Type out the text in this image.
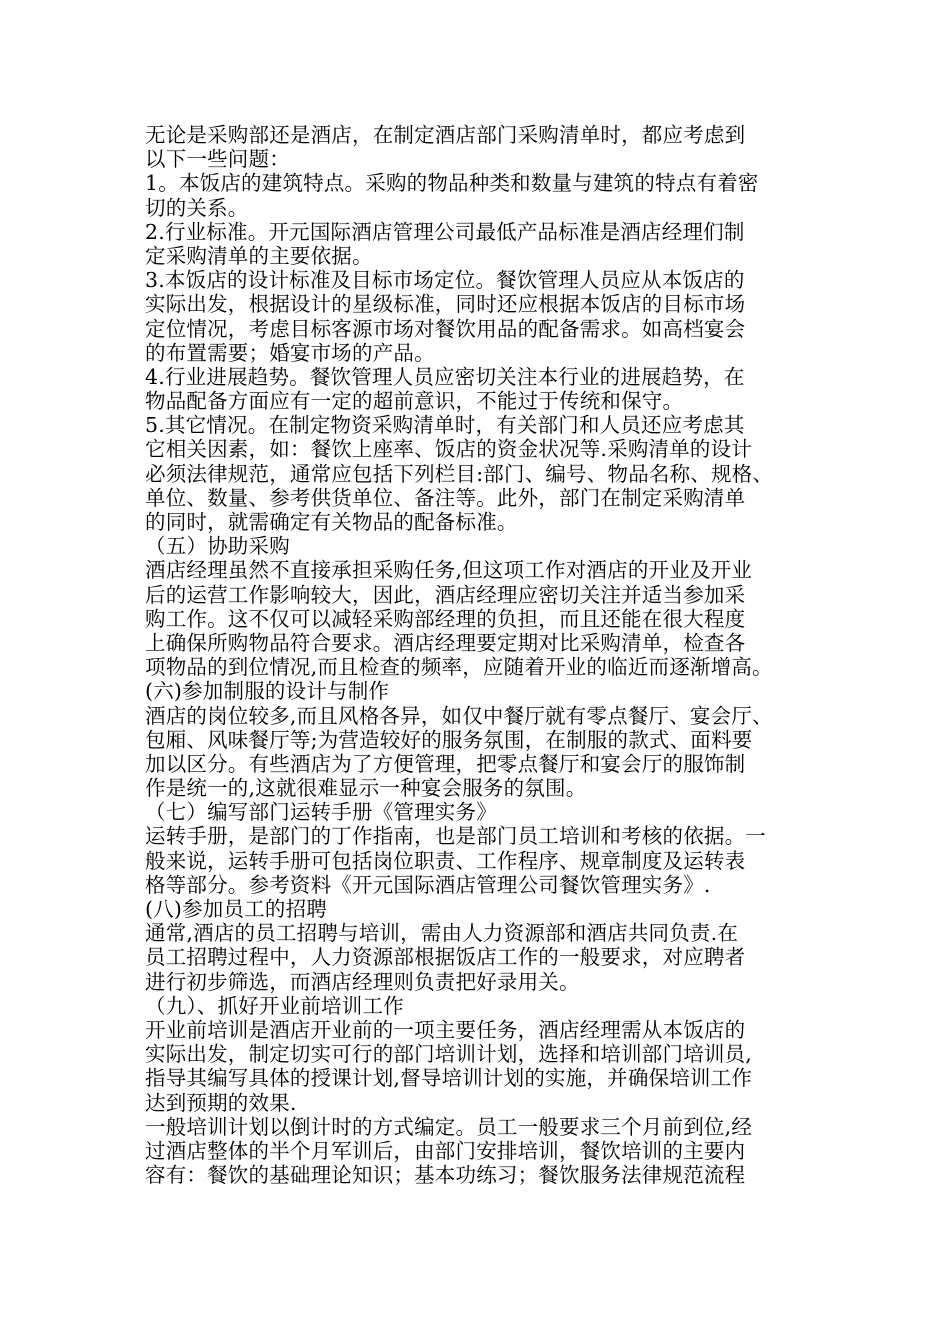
无论是采购部还是酒店，在制定酒店部门采购清单时，都应考虑到
以下一些问题：
1。本饭店的建筑特点。采购的物品种类和数量与建筑的特点有着密
切的关系。
2.行业标准。开元国际酒店管理公司最低产品标准是酒店经理们制
定采购清单的主要依据。
3.本饭店的设计标准及目标市场定位。餐饮管理人员应从本饭店的
实际出发，根据设计的星级标准，同时还应根据本饭店的目标市场
定位情况，考虑目标客源市场对餐饮用品的配备需求。如高档宴会
的布置需要；婚宴市场的产品。
4.行业进展趋势。餐饮管理人员应密切关注本行业的进展趋势，在
物品配备方面应有一定的超前意识，不能过于传统和保守。
5.其它情况。在制定物资采购清单时，有关部门和人员还应考虑其
它相关因素，如：餐饮上座率、饭店的资金状况等.采购清单的设计
必须法律规范，通常应包括下列栏目:部门、编号、物品名称、规格、
单位、数量、参考供货单位、备注等。此外，部门在制定采购清单
的同时，就需确定有关物品的配备标准。
（五）协助采购
酒店经理虽然不直接承担采购任务,但这项工作对酒店的开业及开业
后的运营工作影响较大，因此，酒店经理应密切关注并适当参加采
购工作。这不仅可以减轻采购部经理的负担，而且还能在很大程度
上确保所购物品符合要求。酒店经理要定期对比采购清单，检查各
项物品的到位情况,而且检查的频率，应随着开业的临近而逐渐增高。
(六)参加制服的设计与制作
酒店的岗位较多,而且风格各异，如仅中餐厅就有零点餐厅、宴会厅、
包厢、风味餐厅等;为营造较好的服务氛围，在制服的款式、面料要
加以区分。有些酒店为了方便管理，把零点餐厅和宴会厅的服饰制
作是统一的,这就很难显示一种宴会服务的氛围。
（七）编写部门运转手册《管理实务》
运转手册，是部门的丁作指南，也是部门员工培训和考核的依据。一
般来说，运转手册可包括岗位职责、工作程序、规章制度及运转表
格等部分。参考资料《开元国际酒店管理公司餐饮管理实务》.
(八)参加员工的招聘
通常,酒店的员工招聘与培训，需由人力资源部和酒店共同负责.在
员工招聘过程中，人力资源部根据饭店工作的一般要求，对应聘者
进行初步筛选，而酒店经理则负责把好录用关。
（九）、抓好开业前培训工作
开业前培训是酒店开业前的一项主要任务，酒店经理需从本饭店的
实际出发，制定切实可行的部门培训计划，选择和培训部门培训员,
指导其编写具体的授课计划,督导培训计划的实施，并确保培训工作
达到预期的效果.
一般培训计划以倒计时的方式编定。员工一般要求三个月前到位,经
过酒店整体的半个月军训后，由部门安排培训，餐饮培训的主要内
容有：餐饮的基础理论知识；基本功练习；餐饮服务法律规范流程
